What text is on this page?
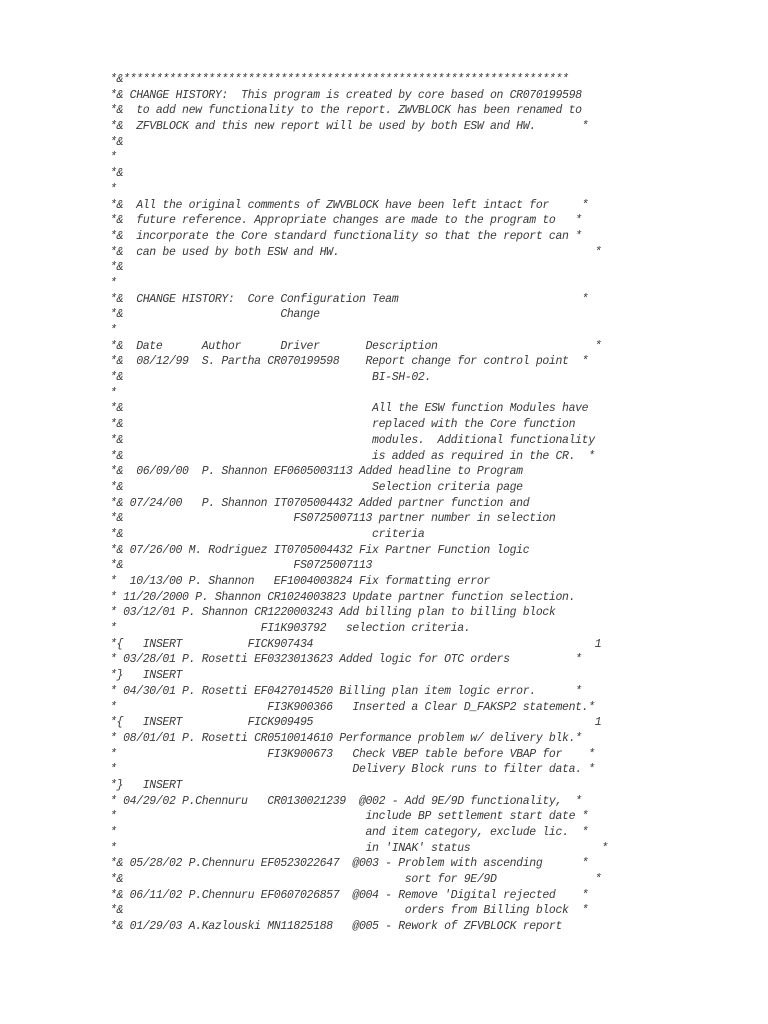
*&********************************************************************
*& CHANGE HISTORY:  This program is created by core based on CR070199598
*&  to add new functionality to the report. ZWVBLOCK has been renamed to
*&  ZFVBLOCK and this new report will be used by both ESW and HW.       *
*&
*
*&
*
*&  All the original comments of ZWVBLOCK have been left intact for     *
*&  future reference. Appropriate changes are made to the program to   *
*&  incorporate the Core standard functionality so that the report can *
*&  can be used by both ESW and HW.                                       *
*&
*
*&  CHANGE HISTORY:  Core Configuration Team                            *
*&                        Change
*
*&  Date      Author      Driver       Description                        *
*&  08/12/99  S. Partha CR070199598    Report change for control point  *
*&                                      BI-SH-02.
*
*&                                      All the ESW function Modules have
*&                                      replaced with the Core function
*&                                      modules.  Additional functionality
*&                                      is added as required in the CR.  *
*&  06/09/00  P. Shannon EF0605003113 Added headline to Program
*&                                      Selection criteria page
*& 07/24/00   P. Shannon IT0705004432 Added partner function and
*&                          FS0725007113 partner number in selection
*&                                      criteria
*& 07/26/00 M. Rodriguez IT0705004432 Fix Partner Function logic
*&                          FS0725007113
*  10/13/00 P. Shannon   EF1004003824 Fix formatting error
* 11/20/2000 P. Shannon CR1024003823 Update partner function selection.
* 03/12/01 P. Shannon CR1220003243 Add billing plan to billing block
*                      FI1K903792   selection criteria.
*{   INSERT          FICK907434                                           1
* 03/28/01 P. Rosetti EF0323013623 Added logic for OTC orders          *
*}   INSERT
* 04/30/01 P. Rosetti EF0427014520 Billing plan item logic error.      *
*                       FI3K900366   Inserted a Clear D_FAKSP2 statement.*
*{   INSERT          FICK909495                                           1
* 08/01/01 P. Rosetti CR0510014610 Performance problem w/ delivery blk.*
*                       FI3K900673   Check VBEP table before VBAP for    *
*                                    Delivery Block runs to filter data. *
*}   INSERT
* 04/29/02 P.Chennuru   CR0130021239  @002 - Add 9E/9D functionality,  *
*                                      include BP settlement start date *
*                                      and item category, exclude lic.  *
*                                      in 'INAK' status                    *
*& 05/28/02 P.Chennuru EF0523022647  @003 - Problem with ascending      *
*&                                           sort for 9E/9D               *
*& 06/11/02 P.Chennuru EF0607026857  @004 - Remove 'Digital rejected    *
*&                                           orders from Billing block  *
*& 01/29/03 A.Kazlouski MN11825188   @005 - Rework of ZFVBLOCK report
